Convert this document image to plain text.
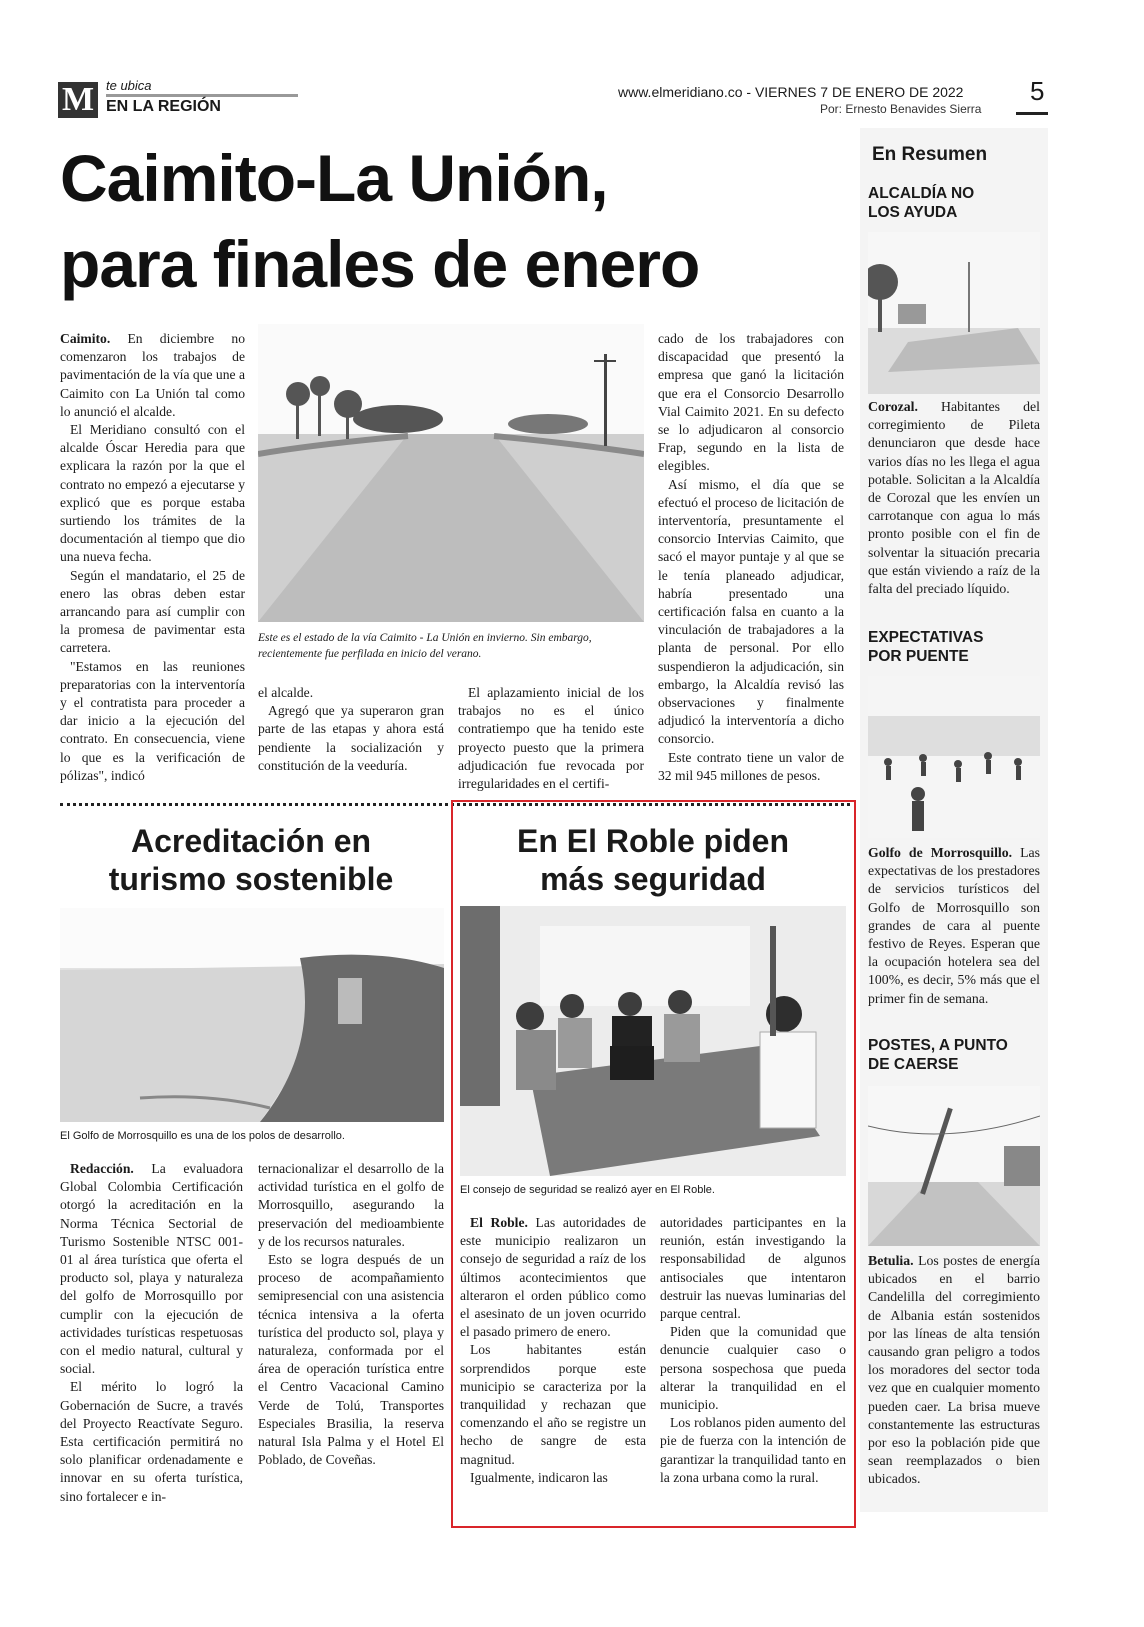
M te ubica
EN LA REGIÓN
www.elmeridiano.co - VIERNES 7 DE ENERO DE 2022
Por: Ernesto Benavides Sierra
5
Caimito-La Unión,
para finales de enero

Caimito. En diciembre no comenzaron los trabajos de pavimentación de la vía que une a Caimito con La Unión tal como lo anunció el alcalde.

El Meridiano consultó con el alcalde Óscar Heredia para que explicara la razón por la que el contrato no empezó a ejecutarse y explicó que es porque estaba surtiendo los trámites de la documentación al tiempo que dio una nueva fecha.

Según el mandatario, el 25 de enero las obras deben estar arrancando para así cumplir con la promesa de pavimentar esta carretera.

"Estamos en las reuniones preparatorias con la interventoría y el contratista para proceder a dar inicio a la ejecución del contrato. En consecuencia, viene lo que es la verificación de pólizas", indicó

Este es el estado de la vía Caimito - La Unión en invierno. Sin embargo,
recientemente fue perfilada en inicio del verano.

el alcalde.

Agregó que ya superaron gran parte de las etapas y ahora está pendiente la socialización y constitución de la veeduría.

El aplazamiento inicial de los trabajos no es el único contratiempo que ha tenido este proyecto puesto que la primera adjudicación fue revocada por irregularidades en el certifi-

cado de los trabajadores con discapacidad que presentó la empresa que ganó la licitación que era el Consorcio Desarrollo Vial Caimito 2021. En su defecto se lo adjudicaron al consorcio Frap, segundo en la lista de elegibles.

Así mismo, el día que se efectuó el proceso de licitación de interventoría, presuntamente el consorcio Intervias Caimito, que sacó el mayor puntaje y al que se le tenía planeado adjudicar, habría presentado una certificación falsa en cuanto a la vinculación de trabajadores a la planta de personal. Por ello suspendieron la adjudicación, sin embargo, la Alcaldía revisó las observaciones y finalmente adjudicó la interventoría a dicho consorcio.

Este contrato tiene un valor de 32 mil 945 millones de pesos.

Acreditación en
turismo sostenible
El Golfo de Morrosquillo es una de los polos de desarrollo.

Redacción. La evaluadora Global Colombia Certificación otorgó la acreditación en la Norma Técnica Sectorial de Turismo Sostenible NTSC 001-01 al área turística que oferta el producto sol, playa y naturaleza del golfo de Morrosquillo por cumplir con la ejecución de actividades turísticas respetuosas con el medio natural, cultural y social.

El mérito lo logró la Gobernación de Sucre, a través del Proyecto Reactívate Seguro. Esta certificación permitirá no solo planificar ordenadamente e innovar en su oferta turística, sino fortalecer e in-

ternacionalizar el desarrollo de la actividad turística en el golfo de Morrosquillo, asegurando la preservación del medioambiente y de los recursos naturales.

Esto se logra después de un proceso de acompañamiento semipresencial con una asistencia técnica intensiva a la oferta turística del producto sol, playa y naturaleza, conformada por el área de operación turística entre el Centro Vacacional Camino Verde de Tolú, Transportes Especiales Brasilia, la reserva natural Isla Palma y el Hotel El Poblado, de Coveñas.

En El Roble piden
más seguridad
El consejo de seguridad se realizó ayer en El Roble.

El Roble. Las autoridades de este municipio realizaron un consejo de seguridad a raíz de los últimos acontecimientos que alteraron el orden público como el asesinato de un joven ocurrido el pasado primero de enero.

Los habitantes están sorprendidos porque este municipio se caracteriza por la tranquilidad y rechazan que comenzando el año se registre un hecho de sangre de esta magnitud.

Igualmente, indicaron las

autoridades participantes en la reunión, están investigando la responsabilidad de algunos antisociales que intentaron destruir las nuevas luminarias del parque central.

Piden que la comunidad que denuncie cualquier caso o persona sospechosa que pueda alterar la tranquilidad en el municipio.

Los roblanos piden aumento del pie de fuerza con la intención de garantizar la tranquilidad tanto en la zona urbana como la rural.

En Resumen
ALCALDÍA NO
LOS AYUDA
Corozal. Habitantes del corregimiento de Pileta denunciaron que desde hace varios días no les llega el agua potable. Solicitan a la Alcaldía de Corozal que les envíen un carrotanque con agua lo más pronto posible con el fin de solventar la situación precaria que están viviendo a raíz de la falta del preciado líquido.
EXPECTATIVAS
POR PUENTE
Golfo de Morrosquillo. Las expectativas de los prestadores de servicios turísticos del Golfo de Morrosquillo son grandes de cara al puente festivo de Reyes. Esperan que la ocupación hotelera sea del 100%, es decir, 5% más que el primer fin de semana.
POSTES, A PUNTO
DE CAERSE
Betulia. Los postes de energía ubicados en el barrio Candelilla del corregimiento de Albania están sostenidos por las líneas de alta tensión causando gran peligro a todos los moradores del sector toda vez que en cualquier momento pueden caer. La brisa mueve constantemente las estructuras por eso la población pide que sean reemplazados o bien ubicados.
